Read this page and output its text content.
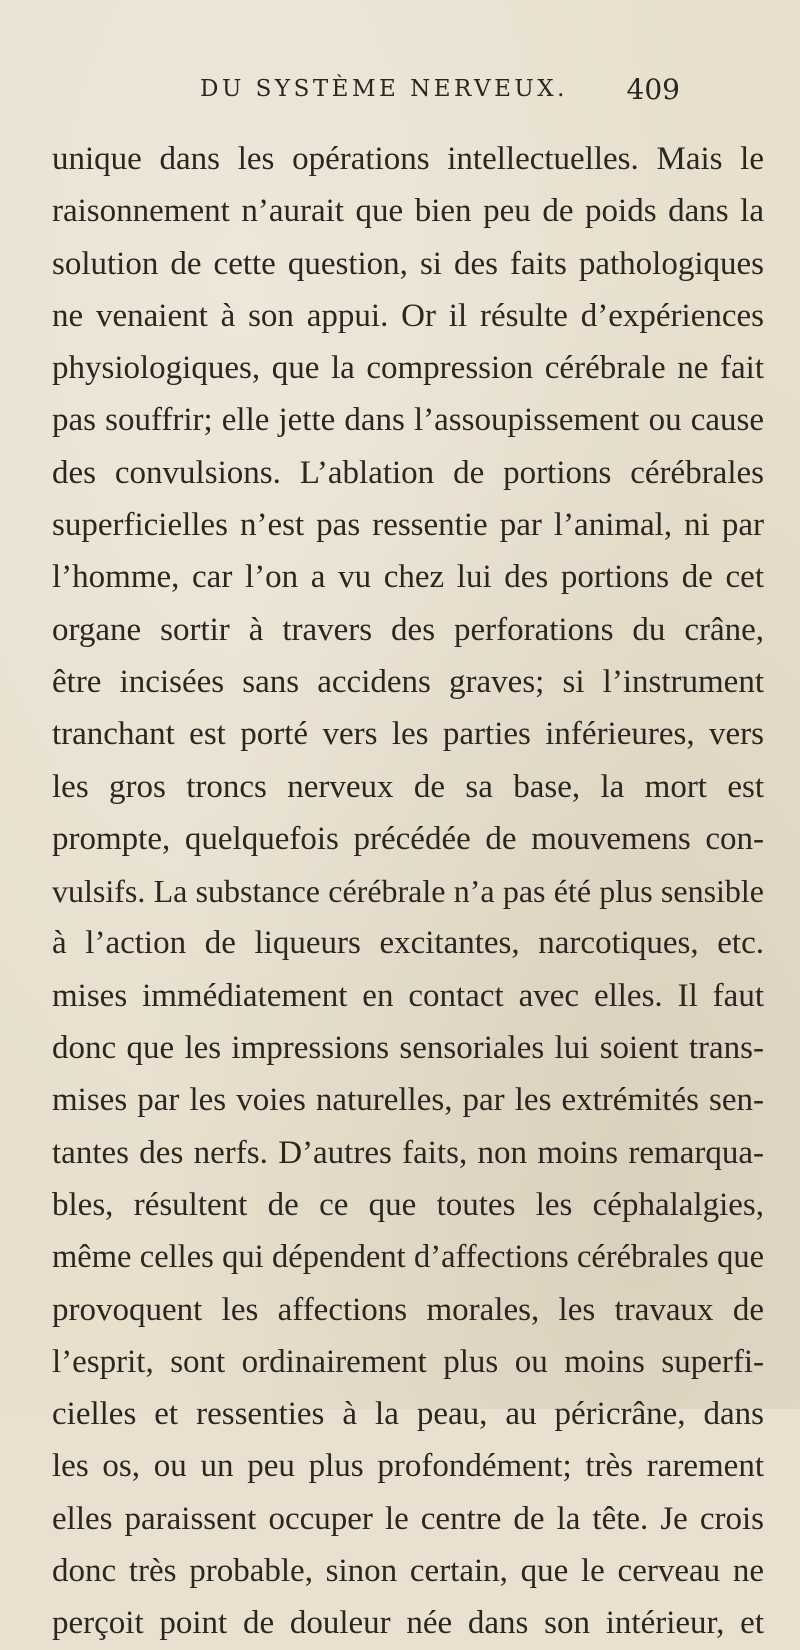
DU SYSTÈME NERVEUX. 409
unique dans les opérations intellectuelles. Mais le
raisonnement n’aurait que bien peu de poids dans la
solution de cette question, si des faits pathologiques
ne venaient à son appui. Or il résulte d’expériences
physiologiques, que la compression cérébrale ne fait
pas souffrir; elle jette dans l’assoupissement ou cause
des convulsions. L’ablation de portions cérébrales
superficielles n’est pas ressentie par l’animal, ni par
l’homme, car l’on a vu chez lui des portions de cet
organe sortir à travers des perforations du crâne,
être incisées sans accidens graves; si l’instrument
tranchant est porté vers les parties inférieures, vers
les gros troncs nerveux de sa base, la mort est
prompte, quelquefois précédée de mouvemens con-
vulsifs. La substance cérébrale n’a pas été plus sensible
à l’action de liqueurs excitantes, narcotiques, etc.
mises immédiatement en contact avec elles. Il faut
donc que les impressions sensoriales lui soient trans-
mises par les voies naturelles, par les extrémités sen-
tantes des nerfs. D’autres faits, non moins remarqua-
bles, résultent de ce que toutes les céphalalgies,
même celles qui dépendent d’affections cérébrales que
provoquent les affections morales, les travaux de
l’esprit, sont ordinairement plus ou moins superfi-
cielles et ressenties à la peau, au péricrâne, dans
les os, ou un peu plus profondément; très rarement
elles paraissent occuper le centre de la tête. Je crois
donc très probable, sinon certain, que le cerveau ne
perçoit point de douleur née dans son intérieur, et
